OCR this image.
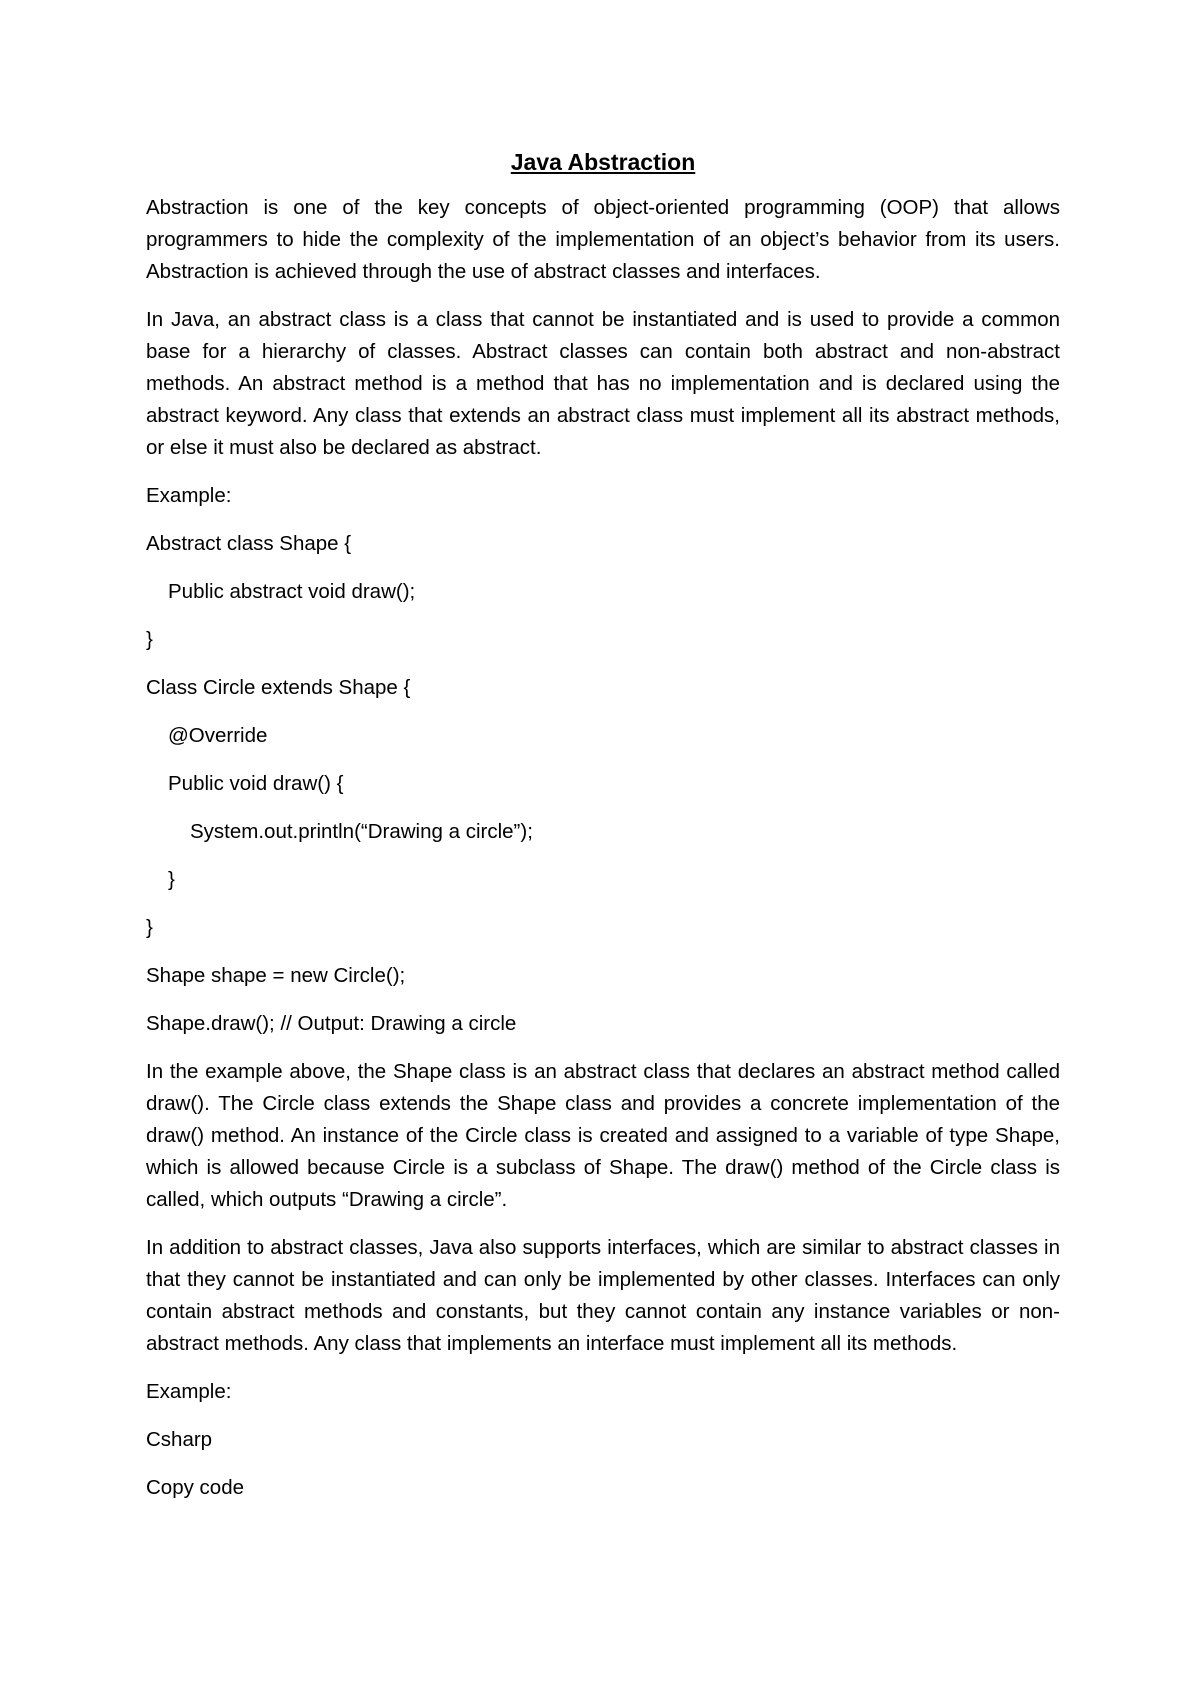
Java Abstraction

Abstraction is one of the key concepts of object-oriented programming (OOP) that allows programmers to hide the complexity of the implementation of an object’s behavior from its users. Abstraction is achieved through the use of abstract classes and interfaces.

In Java, an abstract class is a class that cannot be instantiated and is used to provide a common base for a hierarchy of classes. Abstract classes can contain both abstract and non-abstract methods. An abstract method is a method that has no implementation and is declared using the abstract keyword. Any class that extends an abstract class must implement all its abstract methods, or else it must also be declared as abstract.

Example:
Abstract class Shape {
Public abstract void draw();
}
Class Circle extends Shape {
@Override
Public void draw() {
System.out.println(“Drawing a circle”);
}
}
Shape shape = new Circle();
Shape.draw(); // Output: Drawing a circle

In the example above, the Shape class is an abstract class that declares an abstract method called draw(). The Circle class extends the Shape class and provides a concrete implementation of the draw() method. An instance of the Circle class is created and assigned to a variable of type Shape, which is allowed because Circle is a subclass of Shape. The draw() method of the Circle class is called, which outputs “Drawing a circle”.

In addition to abstract classes, Java also supports interfaces, which are similar to abstract classes in that they cannot be instantiated and can only be implemented by other classes. Interfaces can only contain abstract methods and constants, but they cannot contain any instance variables or non-abstract methods. Any class that implements an interface must implement all its methods.

Example:
Csharp
Copy code
